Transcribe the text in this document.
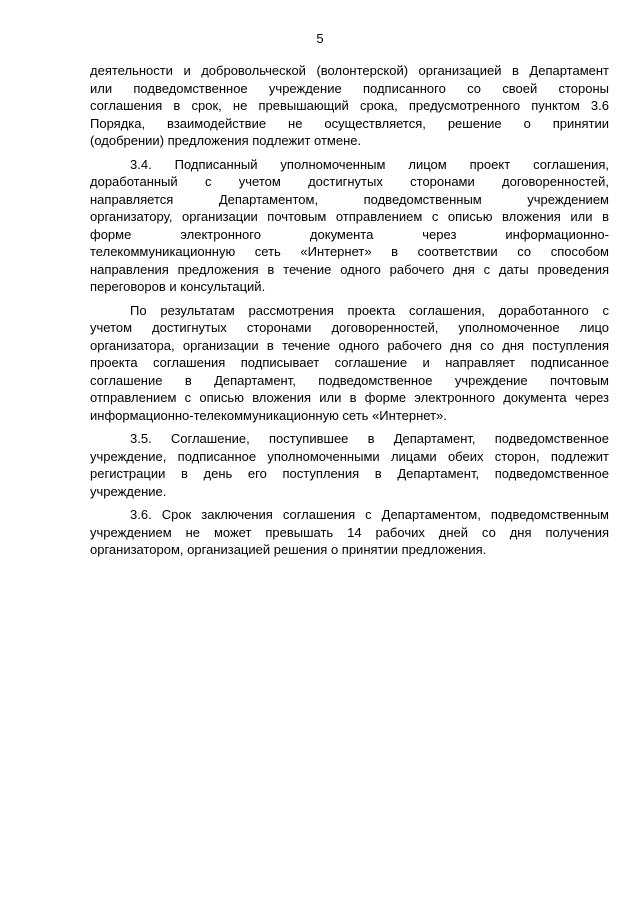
5
деятельности и добровольческой (волонтерской) организацией в Департамент
или подведомственное учреждение подписанного со своей стороны
соглашения в срок, не превышающий срока, предусмотренного пунктом 3.6
Порядка, взаимодействие не осуществляется, решение о принятии
(одобрении) предложения подлежит отмене.
3.4. Подписанный уполномоченным лицом проект соглашения,
доработанный с учетом достигнутых сторонами договоренностей,
направляется Департаментом, подведомственным учреждением
организатору, организации почтовым отправлением с описью вложения или в
форме электронного документа через информационно-
телекоммуникационную сеть «Интернет» в соответствии со способом
направления предложения в течение одного рабочего дня с даты проведения
переговоров и консультаций.
По результатам рассмотрения проекта соглашения, доработанного с
учетом достигнутых сторонами договоренностей, уполномоченное лицо
организатора, организации в течение одного рабочего дня со дня поступления
проекта соглашения подписывает соглашение и направляет подписанное
соглашение в Департамент, подведомственное учреждение почтовым
отправлением с описью вложения или в форме электронного документа через
информационно-телекоммуникационную сеть «Интернет».
3.5. Соглашение, поступившее в Департамент, подведомственное
учреждение, подписанное уполномоченными лицами обеих сторон, подлежит
регистрации в день его поступления в Департамент, подведомственное
учреждение.
3.6. Срок заключения соглашения с Департаментом, подведомственным
учреждением не может превышать 14 рабочих дней со дня получения
организатором, организацией решения о принятии предложения.
